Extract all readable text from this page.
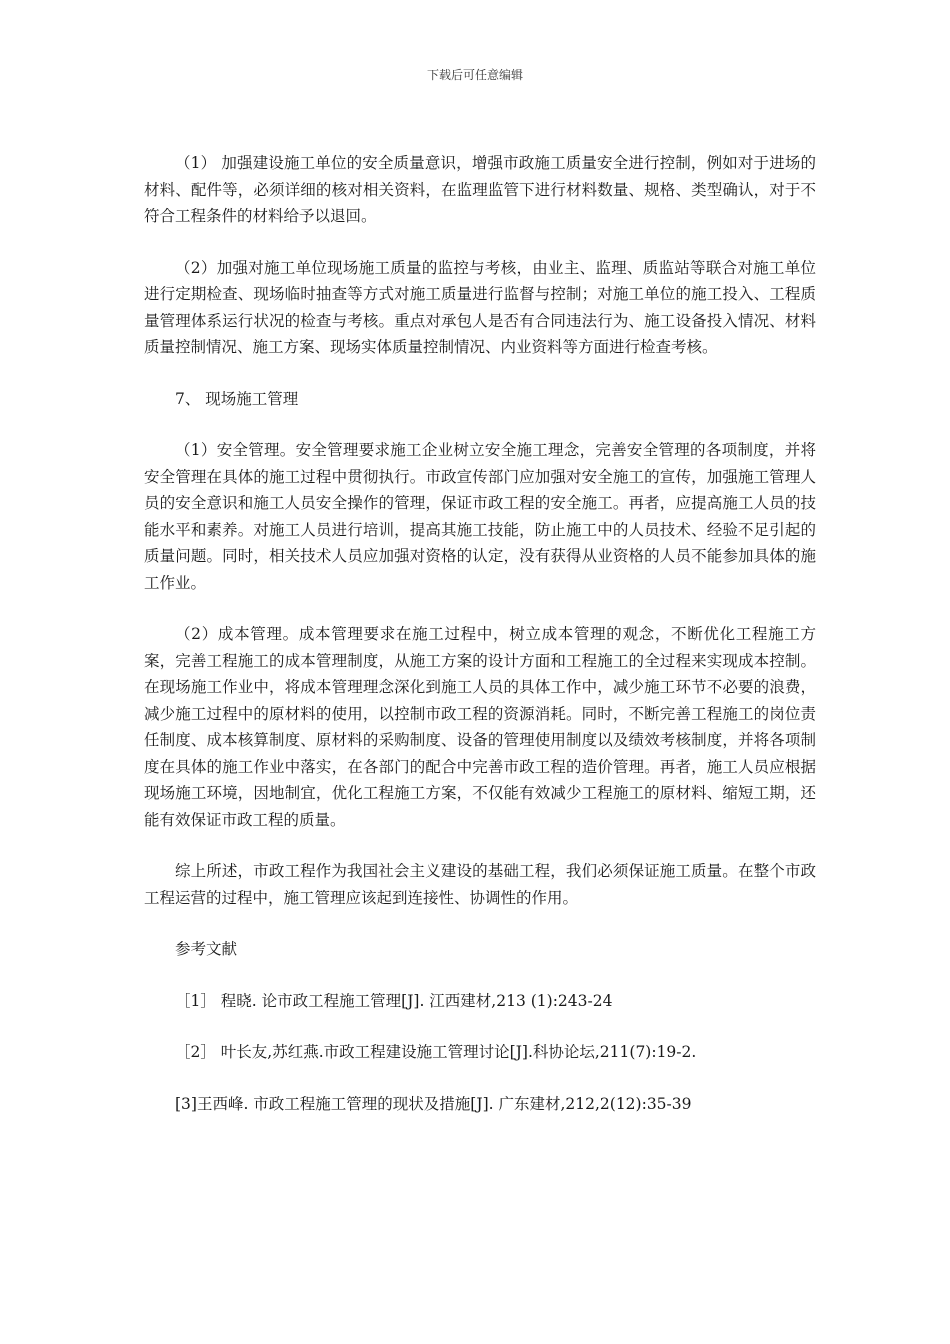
下载后可任意编辑

（1） 加强建设施工单位的安全质量意识，增强市政施工质量安全进行控制，例如对于进场的材料、配件等，必须详细的核对相关资料，在监理监管下进行材料数量、规格、类型确认，对于不符合工程条件的材料给予以退回。

（2）加强对施工单位现场施工质量的监控与考核，由业主、监理、质监站等联合对施工单位进行定期检查、现场临时抽查等方式对施工质量进行监督与控制；对施工单位的施工投入、工程质量管理体系运行状况的检查与考核。重点对承包人是否有合同违法行为、施工设备投入情况、材料质量控制情况、施工方案、现场实体质量控制情况、内业资料等方面进行检查考核。

7、 现场施工管理

（1）安全管理。安全管理要求施工企业树立安全施工理念，完善安全管理的各项制度，并将安全管理在具体的施工过程中贯彻执行。市政宣传部门应加强对安全施工的宣传，加强施工管理人员的安全意识和施工人员安全操作的管理，保证市政工程的安全施工。再者，应提高施工人员的技能水平和素养。对施工人员进行培训，提高其施工技能，防止施工中的人员技术、经验不足引起的质量问题。同时，相关技术人员应加强对资格的认定，没有获得从业资格的人员不能参加具体的施工作业。

（2）成本管理。成本管理要求在施工过程中，树立成本管理的观念，不断优化工程施工方案，完善工程施工的成本管理制度，从施工方案的设计方面和工程施工的全过程来实现成本控制。在现场施工作业中，将成本管理理念深化到施工人员的具体工作中，减少施工环节不必要的浪费，减少施工过程中的原材料的使用，以控制市政工程的资源消耗。同时，不断完善工程施工的岗位责任制度、成本核算制度、原材料的采购制度、设备的管理使用制度以及绩效考核制度，并将各项制度在具体的施工作业中落实，在各部门的配合中完善市政工程的造价管理。再者，施工人员应根据现场施工环境，因地制宜，优化工程施工方案，不仅能有效减少工程施工的原材料、缩短工期，还能有效保证市政工程的质量。

综上所述，市政工程作为我国社会主义建设的基础工程，我们必须保证施工质量。在整个市政工程运营的过程中，施工管理应该起到连接性、协调性的作用。

参考文献
［1］ 程晓. 论市政工程施工管理[J]. 江西建材,213 (1):243-24
［2］ 叶长友,苏红燕.市政工程建设施工管理讨论[J].科协论坛,211(7):19-2.
[3]王西峰. 市政工程施工管理的现状及措施[J]. 广东建材,212,2(12):35-39
